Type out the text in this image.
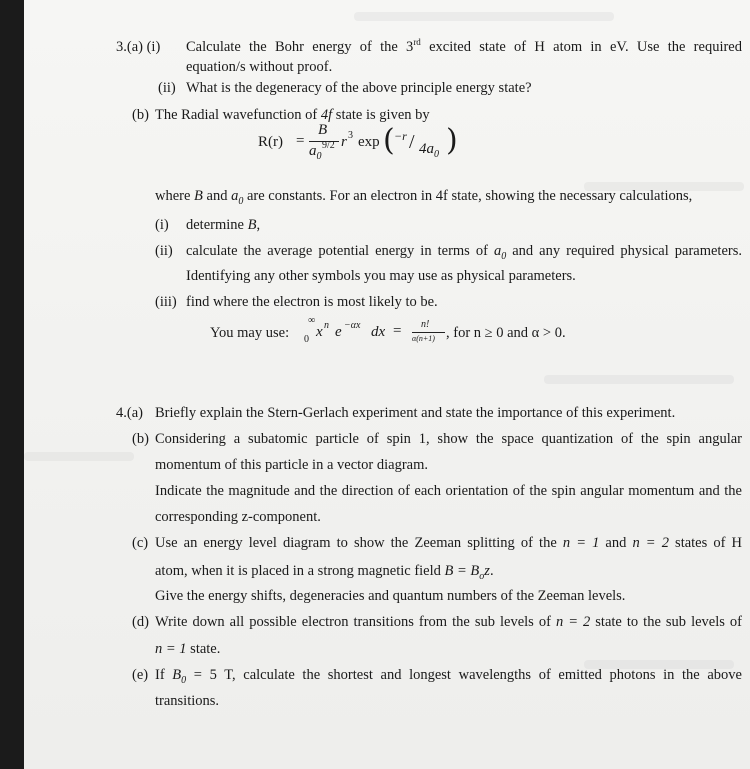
3.(a) (i) Calculate the Bohr energy of the 3rd excited state of H atom in eV. Use the required
equation/s without proof.
(ii) What is the degeneracy of the above principle energy state?
(b) The Radial wavefunction of 4f state is given by
R(r) =
B
$a_0$
9/2 r 3 exp ( $-r / 4a_0$ )
where B and $a_0$ are constants. For an electron in 4f state, showing the necessary calculations,
(i) determine B,
(ii) calculate the average potential energy in terms of $a_0$ and any required physical parameters.
Identifying any other symbols you may use as physical parameters.
(iii) find where the electron is most likely to be.
You may use:
∞
0 x n e −αx dx = n!
α(n+1) , for n ≥ 0 and α > 0.
4.(a) Briefly explain the Stern-Gerlach experiment and state the importance of this experiment.
(b) Considering a subatomic particle of spin 1, show the space quantization of the spin angular
momentum of this particle in a vector diagram.
Indicate the magnitude and the direction of each orientation of the spin angular momentum and the
corresponding z-component.
(c) Use an energy level diagram to show the Zeeman splitting of the n = 1 and n = 2 states of H
atom, when it is placed in a strong magnetic field $B = B_oz$.
Give the energy shifts, degeneracies and quantum numbers of the Zeeman levels.
(d) Write down all possible electron transitions from the sub levels of n = 2 state to the sub levels of
n = 1 state.
(e) If $B_0 = 5$ T, calculate the shortest and longest wavelengths of emitted photons in the above
transitions.
